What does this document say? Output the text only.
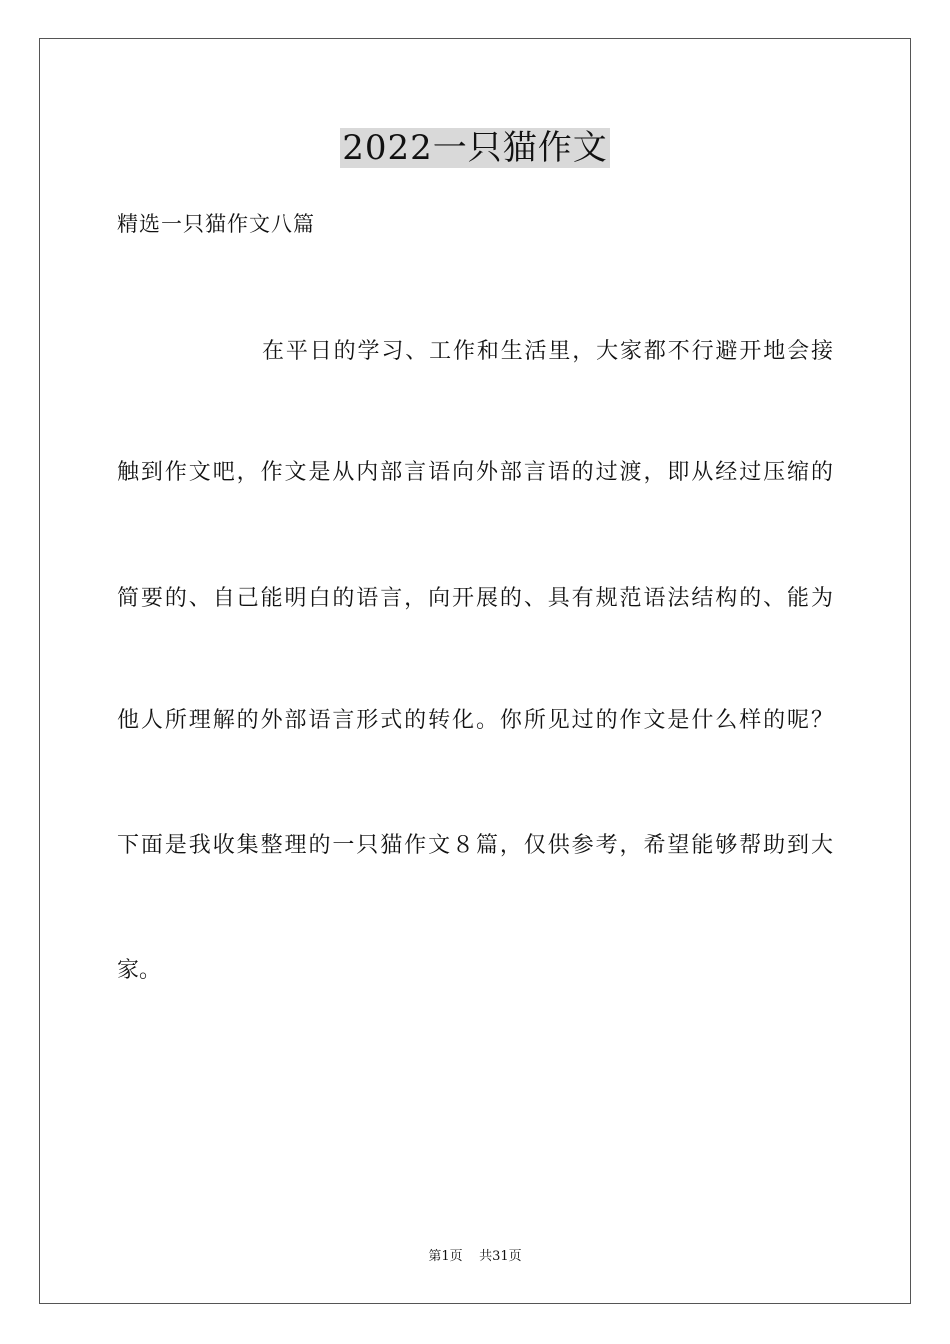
2022一只猫作文
精选一只猫作文八篇
在平日的学习、工作和生活里，大家都不行避开地会接
触到作文吧，作文是从内部言语向外部言语的过渡，即从经过压缩的
简要的、自己能明白的语言，向开展的、具有规范语法结构的、能为
他人所理解的外部语言形式的转化。你所见过的作文是什么样的呢？
下面是我收集整理的一只猫作文８篇，仅供参考，希望能够帮助到大
家。
第1页 共31页
